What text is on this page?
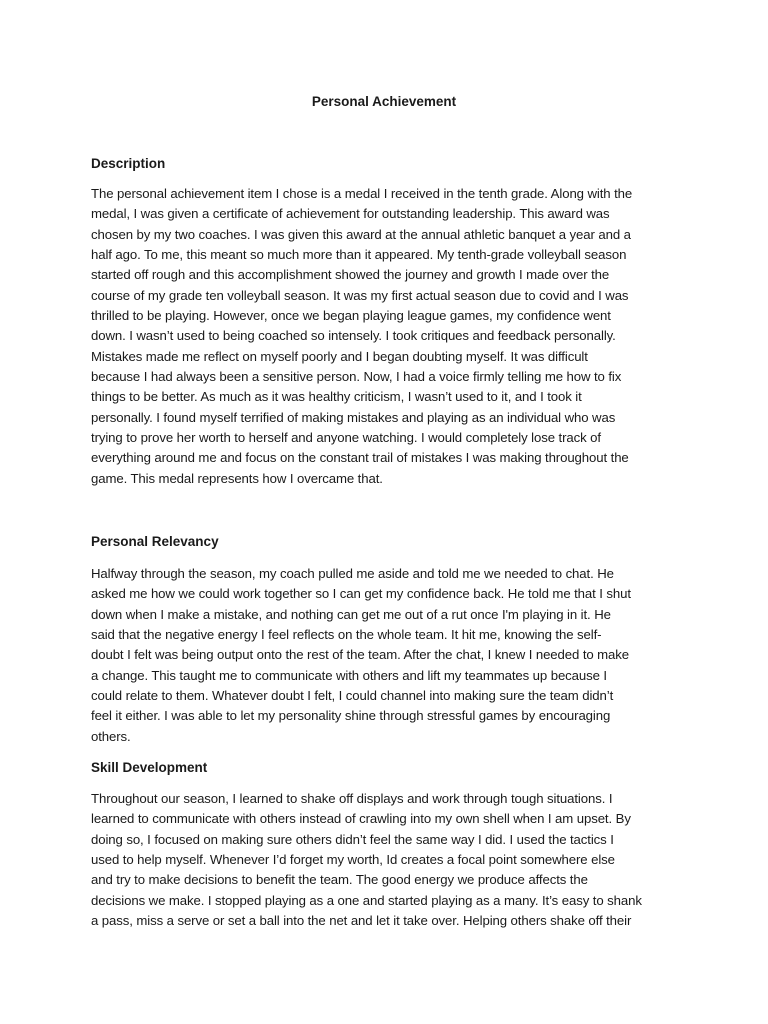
Personal Achievement
Description
The personal achievement item I chose is a medal I received in the tenth grade. Along with the
medal, I was given a certificate of achievement for outstanding leadership. This award was
chosen by my two coaches. I was given this award at the annual athletic banquet a year and a
half ago. To me, this meant so much more than it appeared. My tenth-grade volleyball season
started off rough and this accomplishment showed the journey and growth I made over the
course of my grade ten volleyball season. It was my first actual season due to covid and I was
thrilled to be playing. However, once we began playing league games, my confidence went
down. I wasn’t used to being coached so intensely. I took critiques and feedback personally.
Mistakes made me reflect on myself poorly and I began doubting myself. It was difficult
because I had always been a sensitive person. Now, I had a voice firmly telling me how to fix
things to be better. As much as it was healthy criticism, I wasn’t used to it, and I took it
personally. I found myself terrified of making mistakes and playing as an individual who was
trying to prove her worth to herself and anyone watching. I would completely lose track of
everything around me and focus on the constant trail of mistakes I was making throughout the
game. This medal represents how I overcame that.
Personal Relevancy
Halfway through the season, my coach pulled me aside and told me we needed to chat. He
asked me how we could work together so I can get my confidence back. He told me that I shut
down when I make a mistake, and nothing can get me out of a rut once I'm playing in it. He
said that the negative energy I feel reflects on the whole team. It hit me, knowing the self-
doubt I felt was being output onto the rest of the team. After the chat, I knew I needed to make
a change. This taught me to communicate with others and lift my teammates up because I
could relate to them. Whatever doubt I felt, I could channel into making sure the team didn’t
feel it either. I was able to let my personality shine through stressful games by encouraging
others.
Skill Development
Throughout our season, I learned to shake off displays and work through tough situations. I
learned to communicate with others instead of crawling into my own shell when I am upset. By
doing so, I focused on making sure others didn’t feel the same way I did. I used the tactics I
used to help myself. Whenever I’d forget my worth, Id creates a focal point somewhere else
and try to make decisions to benefit the team. The good energy we produce affects the
decisions we make. I stopped playing as a one and started playing as a many. It’s easy to shank
a pass, miss a serve or set a ball into the net and let it take over. Helping others shake off their
